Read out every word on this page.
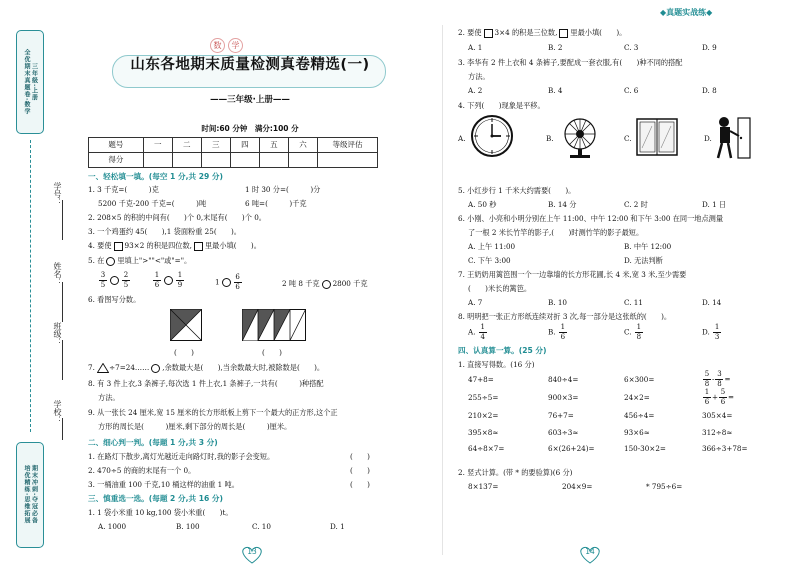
全优期末真题卷·数学 三年级·上册
学号：
姓名：
班级：
学校：
培优精练·思维拓展 期末冲刺·夺冠必备
数	学
山东各地期末质量检测真卷精选(一)
——三年级·上册——
时间:60 分钟　满分:100 分
◆真题实战练◆
题号	一	二	三	四	五	六	等级评估
得分							
一、轻松填一填。(每空 1 分,共 29 分)
1. 3 千克=(　　　)克	1 时 30 分=(　　　)分
5200 千克-200 千克=(　　　)吨	6 吨=(　　　)千克
2. 208×5 的积的中间有(　　)个 0,末尾有(　　)个 0。
3. 一个鸡蛋约 45(　　),1 袋面粉重 25(　　)。
4. 要使 93×2 的积是四位数, 里最小填(　　)。
5. 在 里填上">""<"或"="。
$\frac{3}{5} \frac{2}{5}$	$\frac{1}{6} \frac{1}{9}$	$1 \frac{6}{6}$	2 吨 8 千克 2800 千克
6. 看图写分数。
(　　)	(　　)
7. ÷7=24…… ,余数最大是(　　),当余数最大时,被除数是(　　)。
8. 有 3 件上衣,3 条裤子,每次选 1 件上衣,1 条裤子,一共有(　　　)种搭配
方法。
9. 从一张长 24 厘米,宽 15 厘米的长方形纸板上剪下一个最大的正方形,这个正
方形的周长是(　　　)厘米,剩下部分的周长是(　　　)厘米。
二、细心判一判。(每题 1 分,共 3 分)
1. 在路灯下散步,离灯光越近走向路灯时,我的影子会变短。	(　　)
2. 470÷5 的商的末尾有一个 0。	(　　)
3. 一桶油重 100 千克,10 桶这样的油重 1 吨。	(　　)
三、慎重选一选。(每题 2 分,共 16 分)
1. 1 袋小米重 10 kg,100 袋小米重(　　)t。
A. 1000	B. 100	C. 10	D. 1
13
2. 要使 3×4 的积是三位数, 里最小填(　　)。
A. 1	B. 2	C. 3	D. 9
3. 李华有 2 件上衣和 4 条裤子,要配成一套衣服,有(　　)种不同的搭配
方法。
A. 2	B. 4	C. 6	D. 8
4. 下列(　　)现象是平移。
A.	B.	C.	D.
5. 小红步行 1 千米大约需要(　　)。
A. 50 秒	B. 14 分	C. 2 时	D. 1 日
6. 小刚、小亮和小明分别在上午 11:00、中午 12:00 和下午 3:00 在同一地点测量
了一根 2 米长竹竿的影子,(　　)时测竹竿的影子最短。
A. 上午 11:00	B. 中午 12:00
C. 下午 3:00	D. 无法判断
7. 王奶奶用篱笆围一个一边靠墙的长方形花圃,长 4 米,宽 3 米,至少需要
(　　)米长的篱笆。
A. 7	B. 10	C. 11	D. 14
8. 明明把一张正方形纸连续对折 3 次,每一部分是这张纸的(　　)。
A. $\frac{1}{4}$	B. $\frac{1}{6}$	C. $\frac{1}{8}$	D. $\frac{1}{3}$
四、认真算一算。(25 分)
1. 直接写得数。(16 分)
47+8=	840÷4=	6×300=	$\frac{5}{8} - \frac{3}{8}$ =
255÷5=	900×3=	24×2=	$\frac{1}{6} + \frac{5}{6}$ =
210×2=	76+7=	456÷4=	305×4=
395×8≈	603÷3≈	93×6≈	312÷8≈
64÷8×7=	6×(26+24)=	150-30×2=	366÷3+78=
2. 竖式计算。(带 * 的要验算)(6 分)
8×137=	204×9=	* 795÷6=
14
